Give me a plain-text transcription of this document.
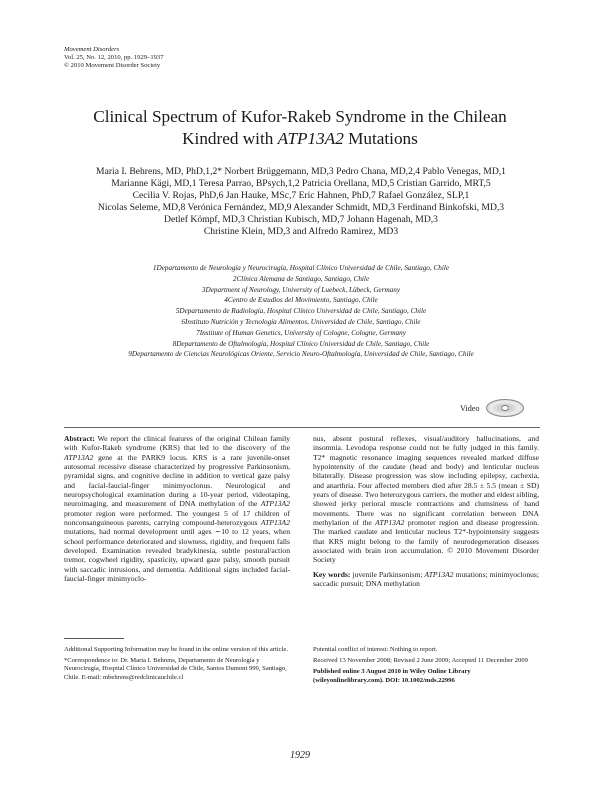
Movement Disorders
Vol. 25, No. 12, 2010, pp. 1929–1937
© 2010 Movement Disorder Society
Clinical Spectrum of Kufor-Rakeb Syndrome in the Chilean
Kindred with ATP13A2 Mutations
Maria I. Behrens, MD, PhD,1,2* Norbert Brüggemann, MD,3 Pedro Chana, MD,2,4 Pablo Venegas, MD,1
Marianne Kägi, MD,1 Teresa Parrao, BPsych,1,2 Patricia Orellana, MD,5 Cristian Garrido, MRT,5
Cecilia V. Rojas, PhD,6 Jan Hauke, MSc,7 Eric Hahnen, PhD,7 Rafael González, SLP,1
Nicolas Seleme, MD,8 Verónica Fernández, MD,9 Alexander Schmidt, MD,3 Ferdinand Binkofski, MD,3
Detlef Kömpf, MD,3 Christian Kubisch, MD,7 Johann Hagenah, MD,3
Christine Klein, MD,3 and Alfredo Ramirez, MD3
1Departamento de Neurología y Neurocirugía, Hospital Clínico Universidad de Chile, Santiago, Chile
2Clínica Alemana de Santiago, Santiago, Chile
3Department of Neurology, University of Luebeck, Lübeck, Germany
4Centro de Estudios del Movimiento, Santiago, Chile
5Departamento de Radiología, Hospital Clínico Universidad de Chile, Santiago, Chile
6Instituto Nutrición y Tecnología Alimentos, Universidad de Chile, Santiago, Chile
7Institute of Human Genetics, University of Cologne, Cologne, Germany
8Departamento de Oftalmología, Hospital Clínico Universidad de Chile, Santiago, Chile
9Departamento de Ciencias Neurológicas Oriente, Servicio Neuro-Oftalmología, Universidad de Chile, Santiago, Chile
Video

Abstract: We report the clinical features of the original Chilean family with Kufor-Rakeb syndrome (KRS) that led to the discovery of the ATP13A2 gene at the PARK9 locus. KRS is a rare juvenile-onset autosomal recessive disease characterized by progressive Parkinsonism, pyramidal signs, and cognitive decline in addition to vertical gaze palsy and facial-faucial-finger minimyoclonus. Neurological and neuropsychological examination during a 10-year period, videotaping, neuroimaging, and measurement of DNA methylation of the ATP13A2 promoter region were performed. The youngest 5 of 17 children of nonconsanguineous parents, carrying compound-heterozygous ATP13A2 mutations, had normal development until ages ∼10 to 12 years, when school performance deteriorated and slowness, rigidity, and frequent falls developed. Examination revealed bradykinesia, subtle postural/action tremor, cogwheel rigidity, spasticity, upward gaze palsy, smooth pursuit with saccadic intrusions, and dementia. Additional signs included facial-faucial-finger minimyoclo-

nus, absent postural reflexes, visual/auditory hallucinations, and insomnia. Levodopa response could not be fully judged in this family. T2* magnetic resonance imaging sequences revealed marked diffuse hypointensity of the caudate (head and body) and lenticular nucleus bilaterally. Disease progression was slow including epilepsy, cachexia, and anarthria. Four affected members died after 28.5 ± 5.5 (mean ± SD) years of disease. Two heterozygous carriers, the mother and eldest sibling, showed jerky perioral muscle contractions and clumsiness of hand movements. There was no significant correlation between DNA methylation of the ATP13A2 promoter region and disease progression. The marked caudate and lenticular nucleus T2*-hypointensity suggests that KRS might belong to the family of neurodegeneration diseases associated with brain iron accumulation. © 2010 Movement Disorder Society

Key words: juvenile Parkinsonism; ATP13A2 mutations; minimyoclonus; saccadic pursuit; DNA methylation

Additional Supporting Information may be found in the online version of this article.

*Correspondence to: Dr. Maria I. Behrens, Departamento de Neurología y Neurocirugía, Hospital Clínico Universidad de Chile, Santos Dumont 999, Santiago, Chile. E-mail: mbehrens@redclinicauchile.cl

Potential conflict of interest: Nothing to report.

Received 13 November 2008; Revised 2 June 2009; Accepted 11 December 2009

Published online 3 August 2010 in Wiley Online Library (wileyonlinelibrary.com). DOI: 10.1002/mds.22996

1929
